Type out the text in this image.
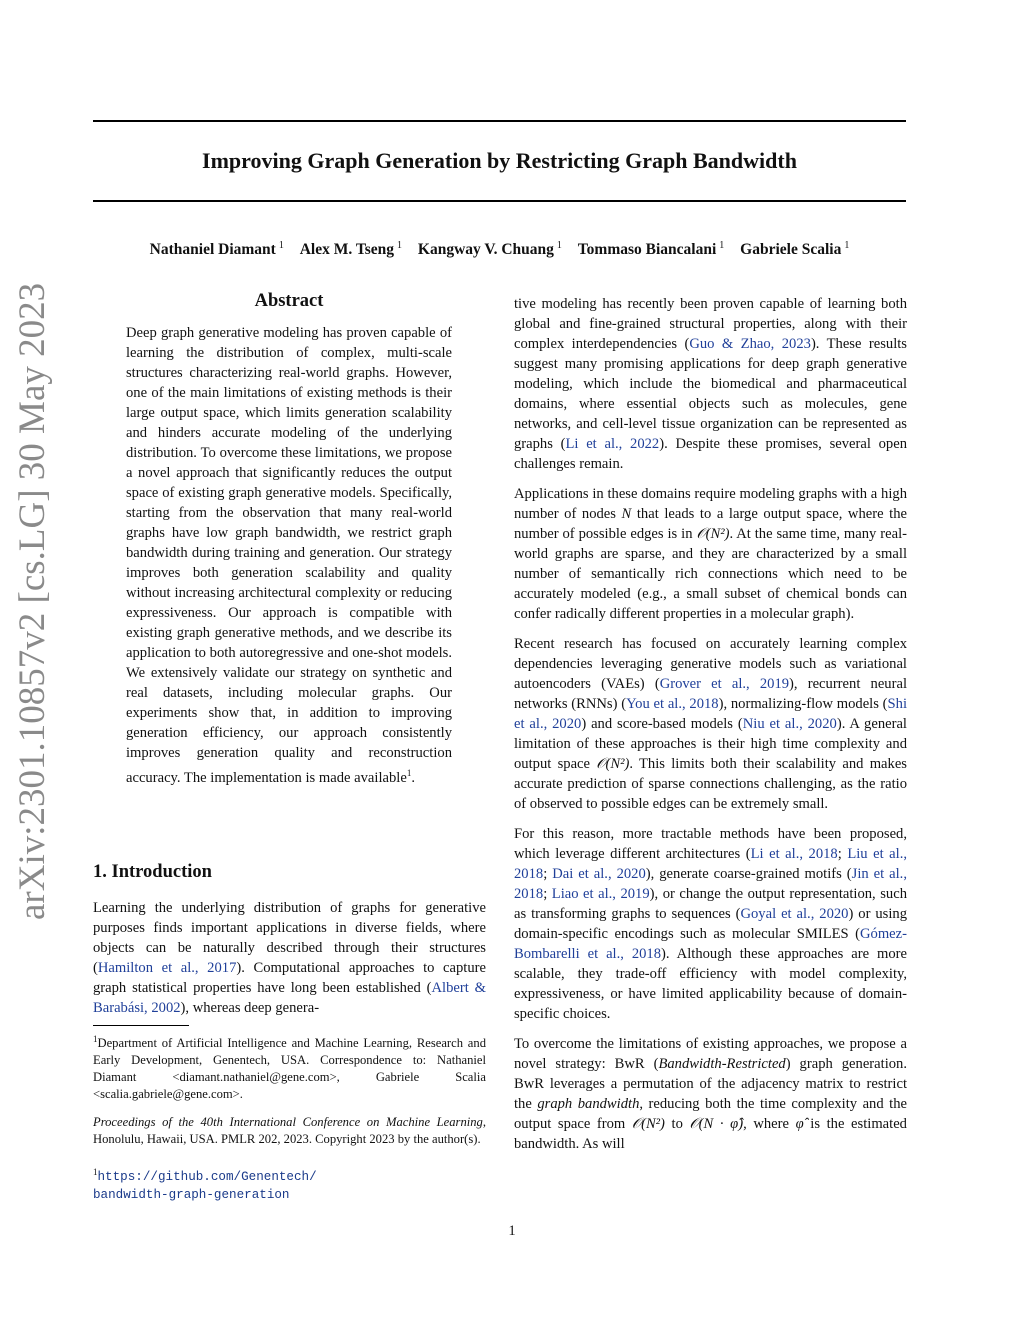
Improving Graph Generation by Restricting Graph Bandwidth
Nathaniel Diamant $^1$ Alex M. Tseng $^1$ Kangway V. Chuang $^1$ Tommaso Biancalani $^1$ Gabriele Scalia $^1$
arXiv:2301.10857v2 [cs.LG] 30 May 2023	Abstract

Deep graph generative modeling has proven capable of learning the distribution of complex, multi-scale structures characterizing real-world graphs. However, one of the main limitations of existing methods is their large output space, which limits generation scalability and hinders accurate modeling of the underlying distribution. To overcome these limitations, we propose a novel approach that significantly reduces the output space of existing graph generative models. Specifically, starting from the observation that many real-world graphs have low graph bandwidth, we restrict graph bandwidth during training and generation. Our strategy improves both generation scalability and quality without increasing architectural complexity or reducing expressiveness. Our approach is compatible with existing graph generative methods, and we describe its application to both autoregressive and one-shot models. We extensively validate our strategy on synthetic and real datasets, including molecular graphs. Our experiments show that, in addition to improving generation efficiency, our approach consistently improves generation quality and reconstruction accuracy. The implementation is made available$^1$.

1. Introduction

Learning the underlying distribution of graphs for generative purposes finds important applications in diverse fields, where objects can be naturally described through their structures (Hamilton et al., 2017). Computational approaches to capture graph statistical properties have long been established (Albert & Barabási, 2002), whereas deep genera-

$^1$Department of Artificial Intelligence and Machine Learning, Research and Early Development, Genentech, USA. Correspondence to: Nathaniel Diamant <diamant.nathaniel@gene.com>, Gabriele Scalia <scalia.gabriele@gene.com>.

Proceedings of the 40th International Conference on Machine Learning, Honolulu, Hawaii, USA. PMLR 202, 2023. Copyright 2023 by the author(s).

$^1$https://github.com/Genentech/
bandwidth-graph-generation

tive modeling has recently been proven capable of learning both global and fine-grained structural properties, along with their complex interdependencies (Guo & Zhao, 2023). These results suggest many promising applications for deep graph generative modeling, which include the biomedical and pharmaceutical domains, where essential objects such as molecules, gene networks, and cell-level tissue organization can be represented as graphs (Li et al., 2022). Despite these promises, several open challenges remain.

Applications in these domains require modeling graphs with a high number of nodes N that leads to a large output space, where the number of possible edges is in 𝒪(N²). At the same time, many real-world graphs are sparse, and they are characterized by a small number of semantically rich connections which need to be accurately modeled (e.g., a small subset of chemical bonds can confer radically different properties in a molecular graph).

Recent research has focused on accurately learning complex dependencies leveraging generative models such as variational autoencoders (VAEs) (Grover et al., 2019), recurrent neural networks (RNNs) (You et al., 2018), normalizing-flow models (Shi et al., 2020) and score-based models (Niu et al., 2020). A general limitation of these approaches is their high time complexity and output space 𝒪(N²). This limits both their scalability and makes accurate prediction of sparse connections challenging, as the ratio of observed to possible edges can be extremely small.

For this reason, more tractable methods have been proposed, which leverage different architectures (Li et al., 2018; Liu et al., 2018; Dai et al., 2020), generate coarse-grained motifs (Jin et al., 2018; Liao et al., 2019), or change the output representation, such as transforming graphs to sequences (Goyal et al., 2020) or using domain-specific encodings such as molecular SMILES (Gómez-Bombarelli et al., 2018). Although these approaches are more scalable, they trade-off efficiency with model complexity, expressiveness, or have limited applicability because of domain-specific choices.

To overcome the limitations of existing approaches, we propose a novel strategy: BwR (Bandwidth-Restricted) graph generation. BwR leverages a permutation of the adjacency matrix to restrict the graph bandwidth, reducing both the time complexity and the output space from 𝒪(N²) to 𝒪(N · φ̂), where φ̂ is the estimated bandwidth. As will

1
